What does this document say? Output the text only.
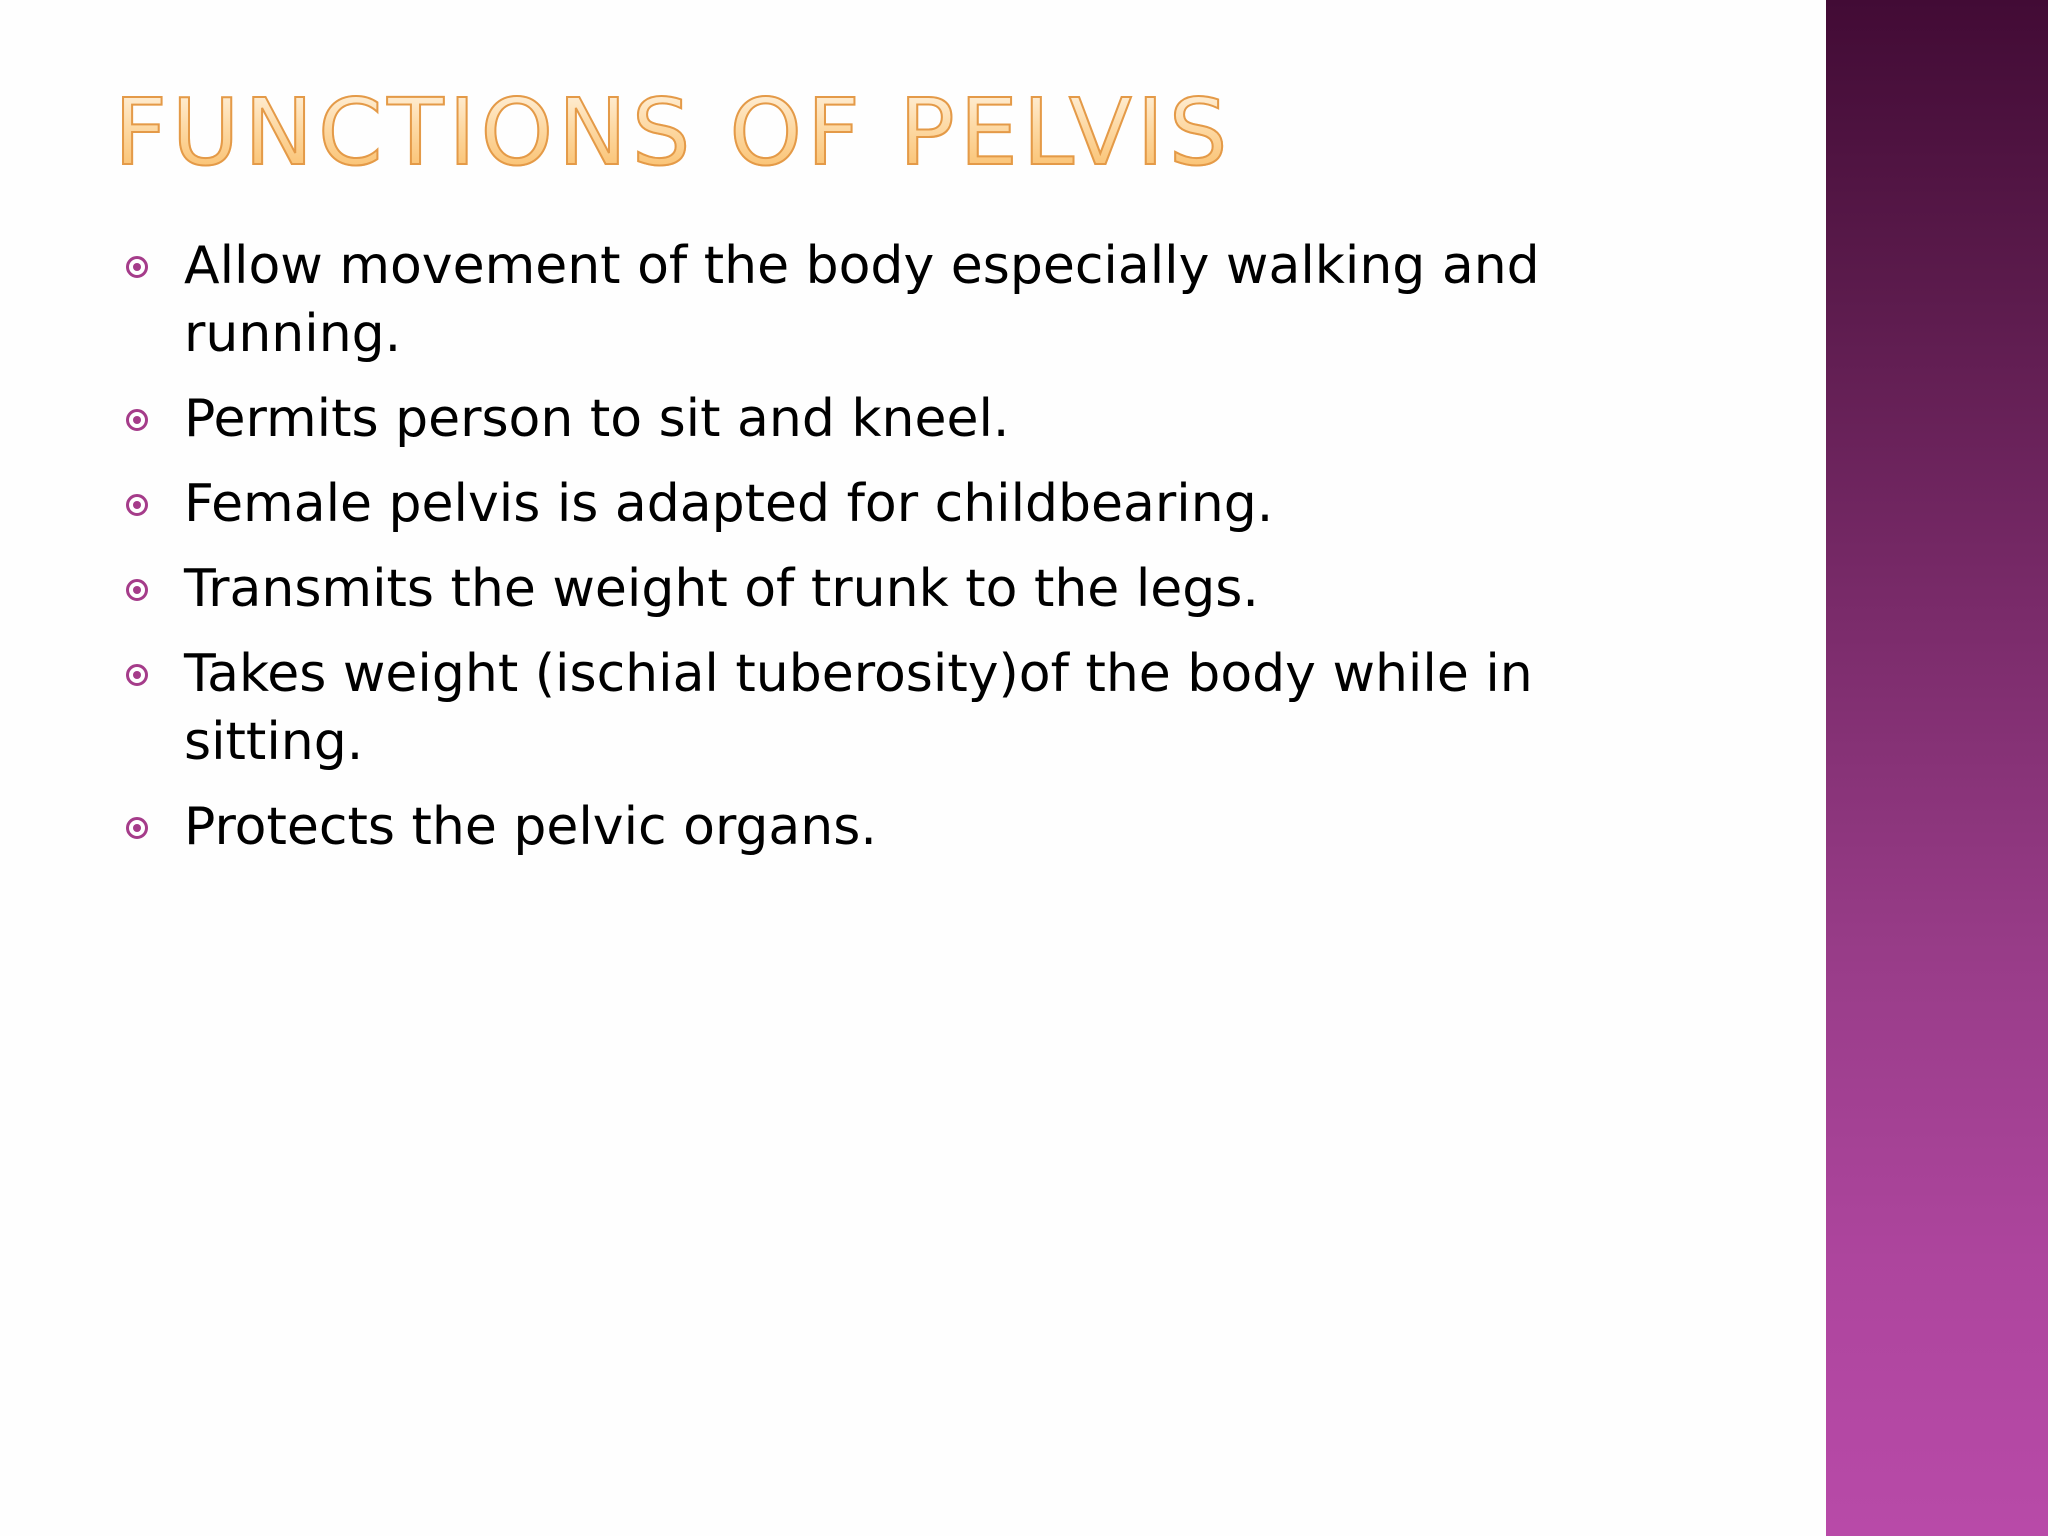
FUNCTIONS OF PELVIS
Allow movement of the body especially walking and running.
Permits person to sit and kneel.
Female pelvis is adapted for childbearing.
Transmits the weight of trunk to the legs.
Takes weight (ischial tuberosity)of the body while in sitting.
Protects the pelvic organs.
